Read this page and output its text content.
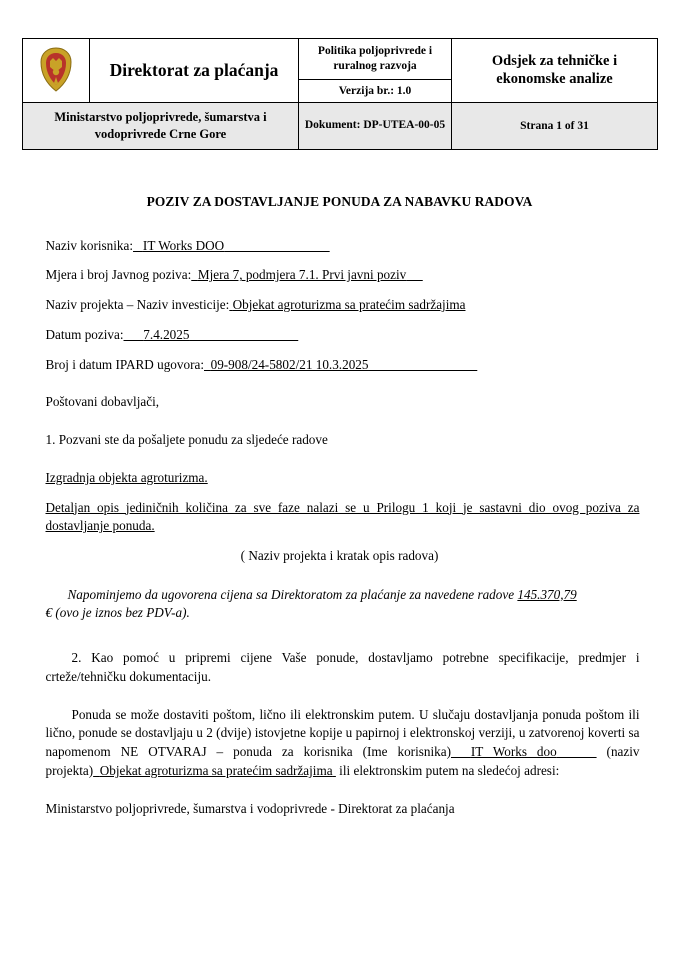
	Direktorat za plaćanja	Politika poljoprivrede i ruralnog razvoja	Odsjek za tehničke i ekonomske analize
		Verzija br.: 1.0	
Ministarstvo poljoprivrede, šumarstva i vodoprivrede Crne Gore		Dokument: DP-UTEA-00-05	Strana 1 of 31
POZIV ZA DOSTAVLJANJE PONUDA ZA NABAVKU RADOVA
Naziv korisnika: IT Works DOO
Mjera i broj Javnog poziva: Mjera 7, podmjera 7.1. Prvi javni poziv
Naziv projekta – Naziv investicije: Objekat agroturizma sa pratećim sadržajima
Datum poziva: 7.4.2025
Broj i datum IPARD ugovora: 09-908/24-5802/21 10.3.2025

Poštovani dobavljači,

1. Pozvani ste da pošaljete ponudu za sljedeće radove

Izgradnja objekta agroturizma.

Detaljan opis jediničnih količina za sve faze nalazi se u Prilogu 1 koji je sastavni dio ovog poziva za dostavljanje ponuda.

( Naziv projekta i kratak opis radova)

Napominjemo da ugovorena cijena sa Direktoratom za plaćanje za navedene radove 145.370,79
€ (ovo je iznos bez PDV-a).

2. Kao pomoć u pripremi cijene Vaše ponude, dostavljamo potrebne specifikacije, predmjer i crteže/tehničku dokumentaciju.

Ponuda se može dostaviti poštom, lično ili elektronskim putem. U slučaju dostavljanja ponuda poštom ili lično, ponude se dostavljaju u 2 (dvije) istovjetne kopije u papirnoj i elektronskoj verziji, u zatvorenoj koverti sa napomenom NE OTVARAJ – ponuda za korisnika (Ime korisnika) IT Works doo	(naziv projekta) Objekat agroturizma sa pratećim sadržajima ili elektronskim putem na sledećoj adresi:

Ministarstvo poljoprivrede, šumarstva i vodoprivrede - Direktorat za plaćanja
